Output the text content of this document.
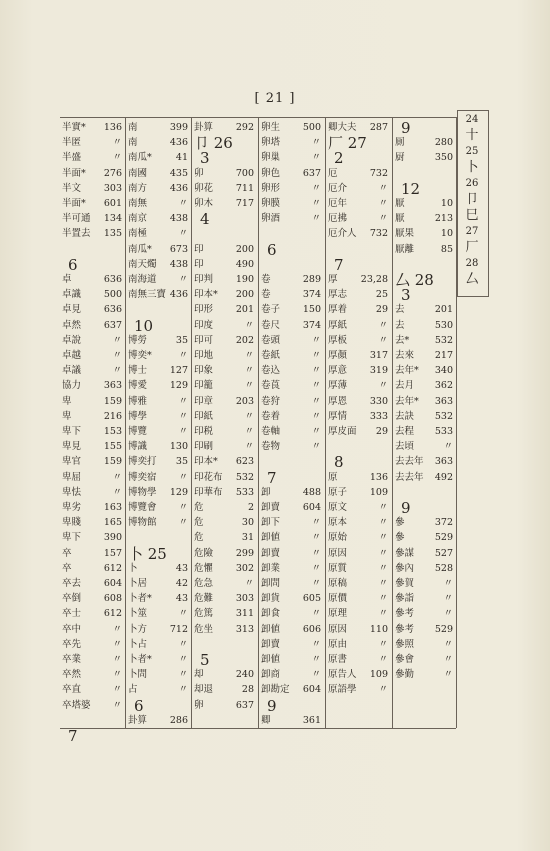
[ 21 ]
半實* 136
半匿	〃
半盛	〃
半面* 276
半文 303
半面* 601
半可通 134
半置去 135
6
卓	636
卓識 500
卓見 636
卓然 637
卓說	〃
卓越	〃
卓議	〃
協力 363
卑	159
卑	216
卑下 153
卑見 155
卑官 159
卑屈	〃
卑怯	〃
卑劣 163
卑賤 165
卑下 390
卒	157
卒	612
卒去 604
卒倒 608
卒士 612
卒中	〃
卒先	〃
卒業	〃
卒然	〃
卒直	〃
卒塔婆 〃
7
南	399
南	436
南瓜*	41
南國 435
南方 436
南無	〃
南京 438
南極	〃
南瓜* 673
南天燭 438
南海道 〃
南無三寶 436
10
博勞	35
博奕*	〃
博士 127
博愛 129
博雅	〃
博學	〃
博覽	〃
博識 130
博奕打 35
博奕宿 〃
博物學 129
博覽會 〃
博物館 〃
卜 25
卜	43
卜居	42
卜者*	43
卜筮	〃
卜方 712
卜占	〃
卜者*	〃
卜問	〃
占	〃
6
卦算 286
卦算 292
卩 26
3
卯	700
卯花 711
卯木 717
4
印	200
印	490
印判 190
印本* 200
印形 201
印度	〃
印可 202
印地	〃
印象	〃
印籠	〃
印章 203
印紙	〃
印税	〃
印刷	〃
印本* 623
印花布 532
印華布 533
危	2
危	30
危	31
危險 299
危懼 302
危急	〃
危難 303
危篤 311
危坐 313
5
却	240
却退	28
卵	637
卵生 500
卵塔	〃
卵巢	〃
卵色 637
卵形	〃
卵膜	〃
卵酒	〃
6
卷	289
卷	374
卷子 150
卷尺 374
卷頭	〃
卷紙	〃
卷込	〃
卷莨	〃
卷狩	〃
卷着	〃
卷軸	〃
卷物	〃
7
卸	488
卸賣 604
卸下	〃
卸値	〃
卸賣	〃
卸業	〃
卸問	〃
卸貨 605
卸食	〃
卸値 606
卸賣	〃
卸値	〃
卸商	〃
卸勘定 604
9
卿	361
卿大夫 287
厂 27
2
厄	732
厄介	〃
厄年	〃
厄拂	〃
厄介人 732
7
厚 23,28
厚志	25
厚着	29
厚紙	〃
厚板	〃
厚顏 317
厚意 319
厚薄	〃
厚恩 330
厚情 333
厚皮面 29
8
原	136
原子 109
原文	〃
原本	〃
原始	〃
原因	〃
原質	〃
原稿	〃
原價	〃
原理	〃
原因 110
原由	〃
原書	〃
原告人 109
原語學 〃
9
厠	280
厨	350
12
厭	10
厭	213
厭果	10
厭離	85
厶 28
3
去	201
去	530
去*	532
去來 217
去年* 340
去月 362
去年* 363
去訣 532
去程 533
去頃	〃
去去年 363
去去年 492
9
參	372
參	529
參謀 527
參內 528
參賀	〃
參詣	〃
參考	〃
參考 529
參照	〃
參會	〃
參勤	〃
24
十
25
卜
26
卩
巳
27
厂
28
厶
